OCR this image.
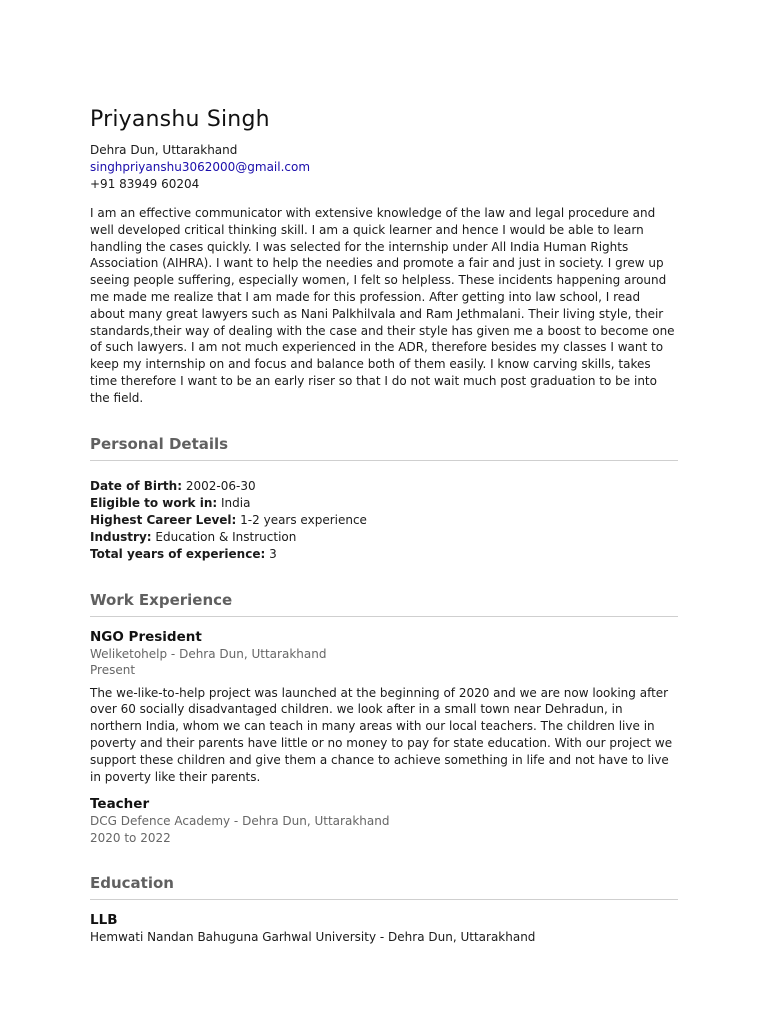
Priyanshu Singh
Dehra Dun, Uttarakhand
singhpriyanshu3062000@gmail.com
+91 83949 60204

I am an effective communicator with extensive knowledge of the law and legal procedure and well developed critical thinking skill. I am a quick learner and hence I would be able to learn handling the cases quickly. I was selected for the internship under All India Human Rights Association (AIHRA). I want to help the needies and promote a fair and just in society. I grew up seeing people suffering, especially women, I felt so helpless. These incidents happening around me made me realize that I am made for this profession. After getting into law school, I read about many great lawyers such as Nani Palkhilvala and Ram Jethmalani. Their living style, their standards,their way of dealing with the case and their style has given me a boost to become one of such lawyers. I am not much experienced in the ADR, therefore besides my classes I want to keep my internship on and focus and balance both of them easily. I know carving skills, takes time therefore I want to be an early riser so that I do not wait much post graduation to be into the field.

Personal Details
Date of Birth: 2002-06-30
Eligible to work in: India
Highest Career Level: 1-2 years experience
Industry: Education & Instruction
Total years of experience: 3
Work Experience
NGO President
Weliketohelp - Dehra Dun, Uttarakhand
Present

The we-like-to-help project was launched at the beginning of 2020 and we are now looking after over 60 socially disadvantaged children. we look after in a small town near Dehradun, in northern India, whom we can teach in many areas with our local teachers. The children live in poverty and their parents have little or no money to pay for state education. With our project we support these children and give them a chance to achieve something in life and not have to live in poverty like their parents.

Teacher
DCG Defence Academy - Dehra Dun, Uttarakhand
2020 to 2022
Education
LLB
Hemwati Nandan Bahuguna Garhwal University - Dehra Dun, Uttarakhand
